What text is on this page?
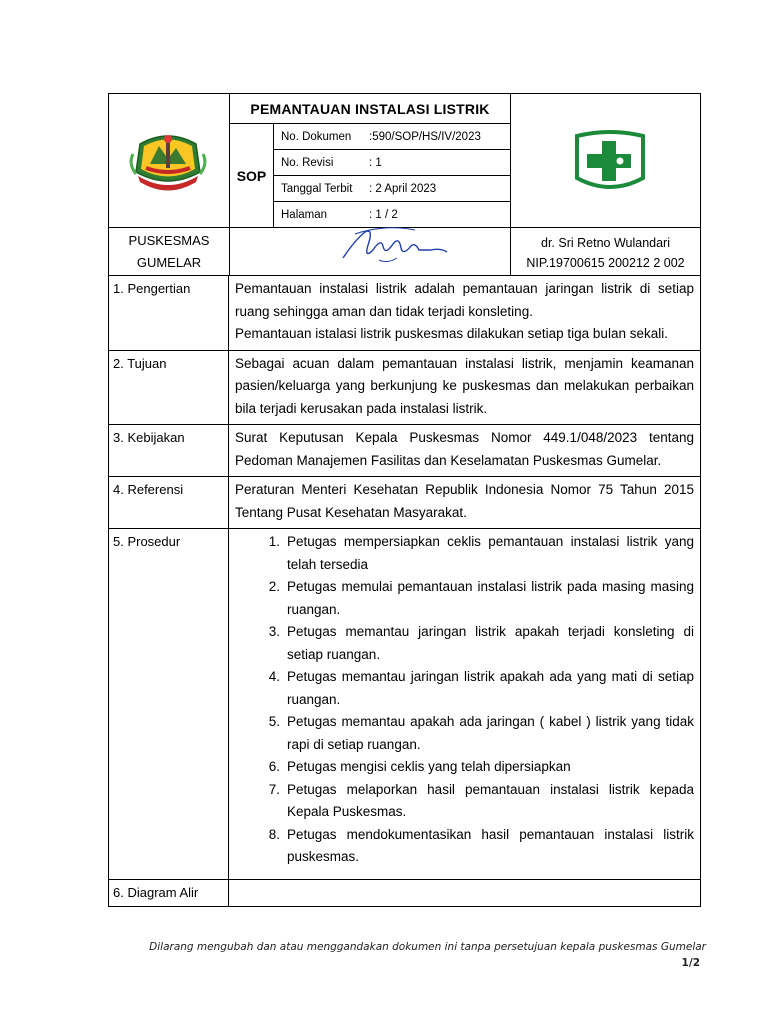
PEMANTAUAN INSTALASI LISTRIK
SOP
No. Dokumen	:590/SOP/HS/IV/2023
No. Revisi	: 1
Tanggal Terbit	: 2 April 2023
Halaman	: 1 / 2
PUSKESMAS
GUMELAR
dr. Sri Retno Wulandari
NIP.19700615 200212 2 002
1. Pengertian	Pemantauan instalasi listrik adalah pemantauan jaringan listrik di setiap ruang sehingga aman dan tidak terjadi konsleting.

Pemantauan istalasi listrik puskesmas dilakukan setiap tiga bulan sekali.

2. Tujuan	Sebagai acuan dalam pemantauan instalasi listrik, menjamin keamanan pasien/keluarga yang berkunjung ke puskesmas dan melakukan perbaikan bila terjadi kerusakan pada instalasi listrik.

3. Kebijakan	Surat Keputusan Kepala Puskesmas Nomor 449.1/048/2023 tentang Pedoman Manajemen Fasilitas dan Keselamatan Puskesmas Gumelar.

4. Referensi	Peraturan Menteri Kesehatan Republik Indonesia Nomor 75 Tahun 2015 Tentang Pusat Kesehatan Masyarakat.

5. Prosedur	1. Petugas mempersiapkan ceklis pemantauan instalasi listrik yang telah tersedia
2. Petugas memulai pemantauan instalasi listrik pada masing masing ruangan.
3. Petugas memantau jaringan listrik apakah terjadi konsleting di setiap ruangan.
4. Petugas memantau jaringan listrik apakah ada yang mati di setiap ruangan.
5. Petugas memantau apakah ada jaringan ( kabel ) listrik yang tidak rapi di setiap ruangan.
6. Petugas mengisi ceklis yang telah dipersiapkan
7. Petugas melaporkan hasil pemantauan instalasi listrik kepada Kepala Puskesmas.
8. Petugas mendokumentasikan hasil pemantauan instalasi listrik puskesmas.
6. Diagram Alir
Dilarang mengubah dan atau menggandakan dokumen ini tanpa persetujuan kepala puskesmas Gumelar
1/2
